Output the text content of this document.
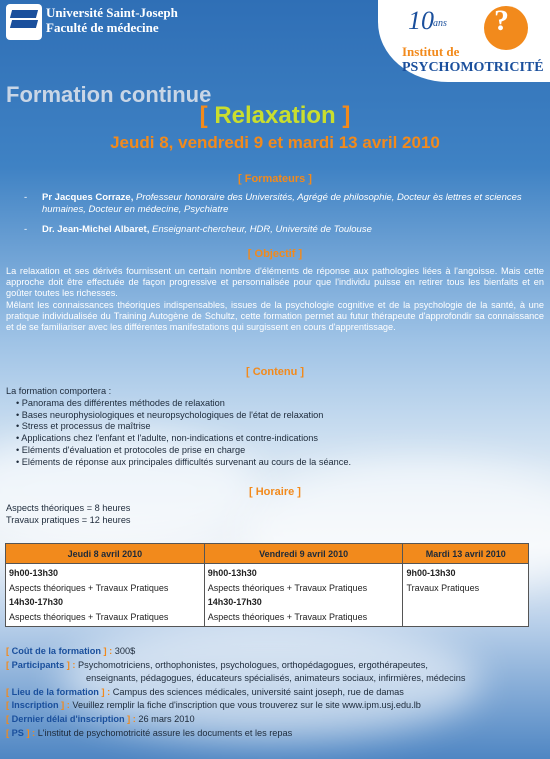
Université Saint-Joseph
Faculté de médecine	10 ans ?
Institut de
PSYCHOMOTRICITÉ
Formation continue
[ Relaxation ]
Jeudi 8, vendredi 9 et mardi 13 avril 2010
[ Formateurs ]
-	Pr Jacques Corraze, Professeur honoraire des Universités, Agrégé de philosophie, Docteur ès lettres et sciences humaines, Docteur en médecine, Psychiatre
-	Dr. Jean-Michel Albaret, Enseignant-chercheur, HDR, Université de Toulouse
[ Objectif ]
La relaxation et ses dérivés fournissent un certain nombre d'éléments de réponse aux pathologies liées à l'angoisse. Mais cette approche doit être effectuée de façon progressive et personnalisée pour que l'individu puisse en retirer tous les bienfaits et en goûter toutes les richesses.
Mêlant les connaissances théoriques indispensables, issues de la psychologie cognitive et de la psychologie de la santé, à une pratique individualisée du Training Autogène de Schultz, cette formation permet au futur thérapeute d'approfondir sa connaissance et de se familiariser avec les différentes manifestations qui surgissent en cours d'apprentissage.
[ Contenu ]
La formation comportera :
• Panorama des différentes méthodes de relaxation
• Bases neurophysiologiques et neuropsychologiques de l'état de relaxation
• Stress et processus de maîtrise
• Applications chez l'enfant et l'adulte, non-indications et contre-indications
• Eléments d'évaluation et protocoles de prise en charge
• Eléments de réponse aux principales difficultés survenant au cours de la séance.
[ Horaire ]
Aspects théoriques = 8 heures
Travaux pratiques = 12 heures
Jeudi 8 avril 2010	Vendredi 9 avril 2010	Mardi 13 avril 2010
9h00-13h30
Aspects théoriques + Travaux Pratiques
14h30-17h30
Aspects théoriques + Travaux Pratiques	9h00-13h30
Aspects théoriques + Travaux Pratiques
14h30-17h30
Aspects théoriques + Travaux Pratiques	9h00-13h30
Travaux Pratiques
[ Coût de la formation ] : 300$
[ Participants ] : Psychomotriciens, orthophonistes, psychologues, orthopédagogues, ergothérapeutes,
enseignants, pédagogues, éducateurs spécialisés, animateurs sociaux, infirmières, médecins
[ Lieu de la formation ] : Campus des sciences médicales, université saint joseph, rue de damas
[ Inscription ] : Veuillez remplir la fiche d'inscription que vous trouverez sur le site www.ipm.usj.edu.lb
[ Dernier délai d'inscription ] : 26 mars 2010
[ PS ] : L'institut de psychomotricité assure les documents et les repas
